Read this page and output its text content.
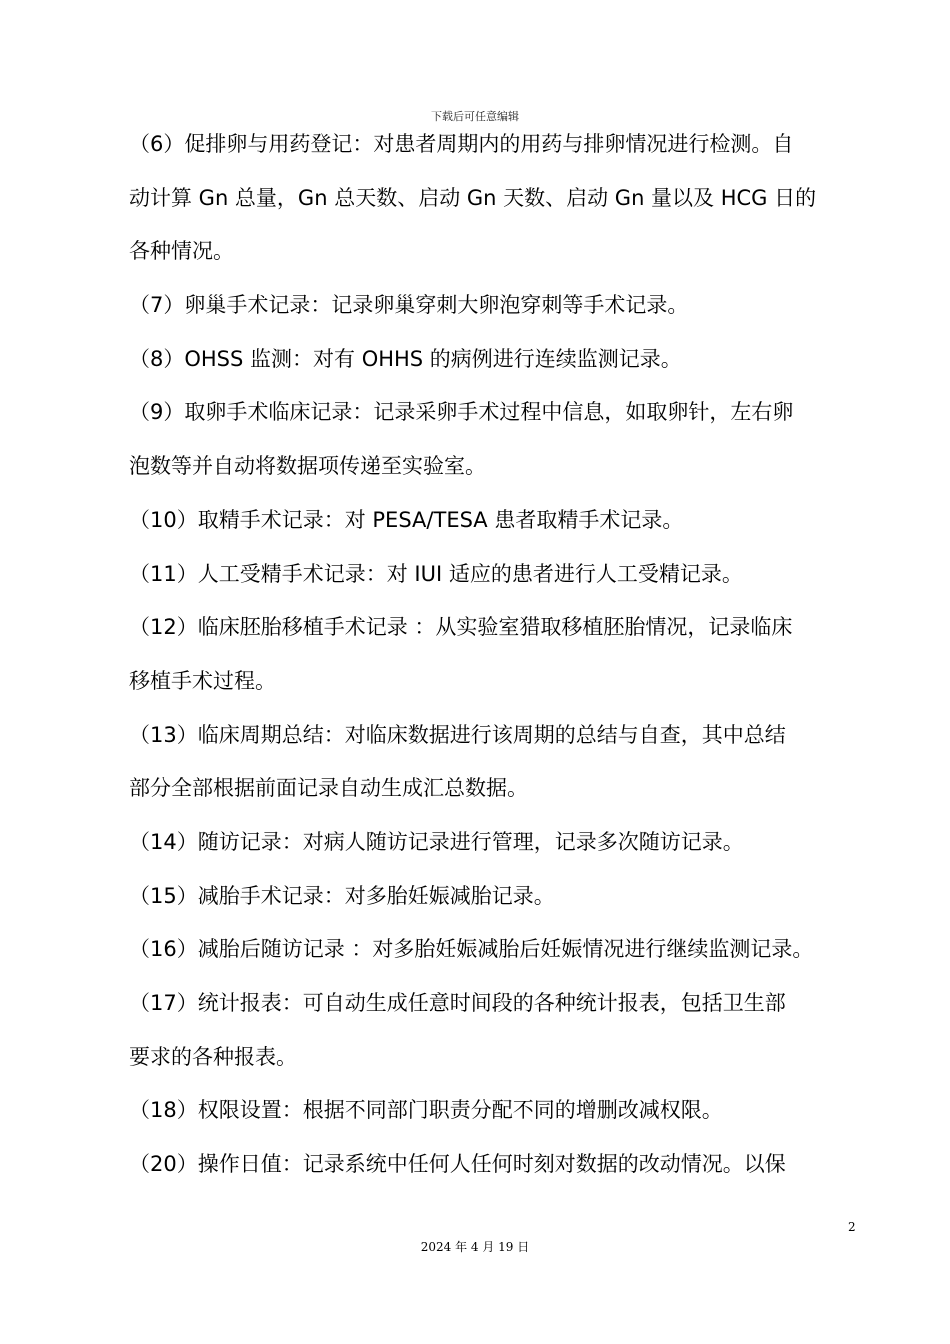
下载后可任意编辑

（6）促排卵与用药登记：对患者周期内的用药与排卵情况进行检测。自
动计算 Gn 总量，Gn 总天数、启动 Gn 天数、启动 Gn 量以及 HCG 日的
各种情况。

（7）卵巢手术记录：记录卵巢穿刺大卵泡穿刺等手术记录。

（8）OHSS 监测：对有 OHHS 的病例进行连续监测记录。

（9）取卵手术临床记录：记录采卵手术过程中信息，如取卵针，左右卵
泡数等并自动将数据项传递至实验室。

（10）取精手术记录：对 PESA/TESA 患者取精手术记录。

（11）人工受精手术记录：对 IUI 适应的患者进行人工受精记录。

（12）临床胚胎移植手术记录 ：从实验室猎取移植胚胎情况，记录临床
移植手术过程。

（13）临床周期总结：对临床数据进行该周期的总结与自查，其中总结
部分全部根据前面记录自动生成汇总数据。

（14）随访记录：对病人随访记录进行管理，记录多次随访记录。

（15）减胎手术记录：对多胎妊娠减胎记录。

（16）减胎后随访记录 ：对多胎妊娠减胎后妊娠情况进行继续监测记录。

（17）统计报表：可自动生成任意时间段的各种统计报表，包括卫生部
要求的各种报表。

（18）权限设置：根据不同部门职责分配不同的增删改减权限。

（20）操作日值：记录系统中任何人任何时刻对数据的改动情况。以保

2
2024 年 4 月 19 日
